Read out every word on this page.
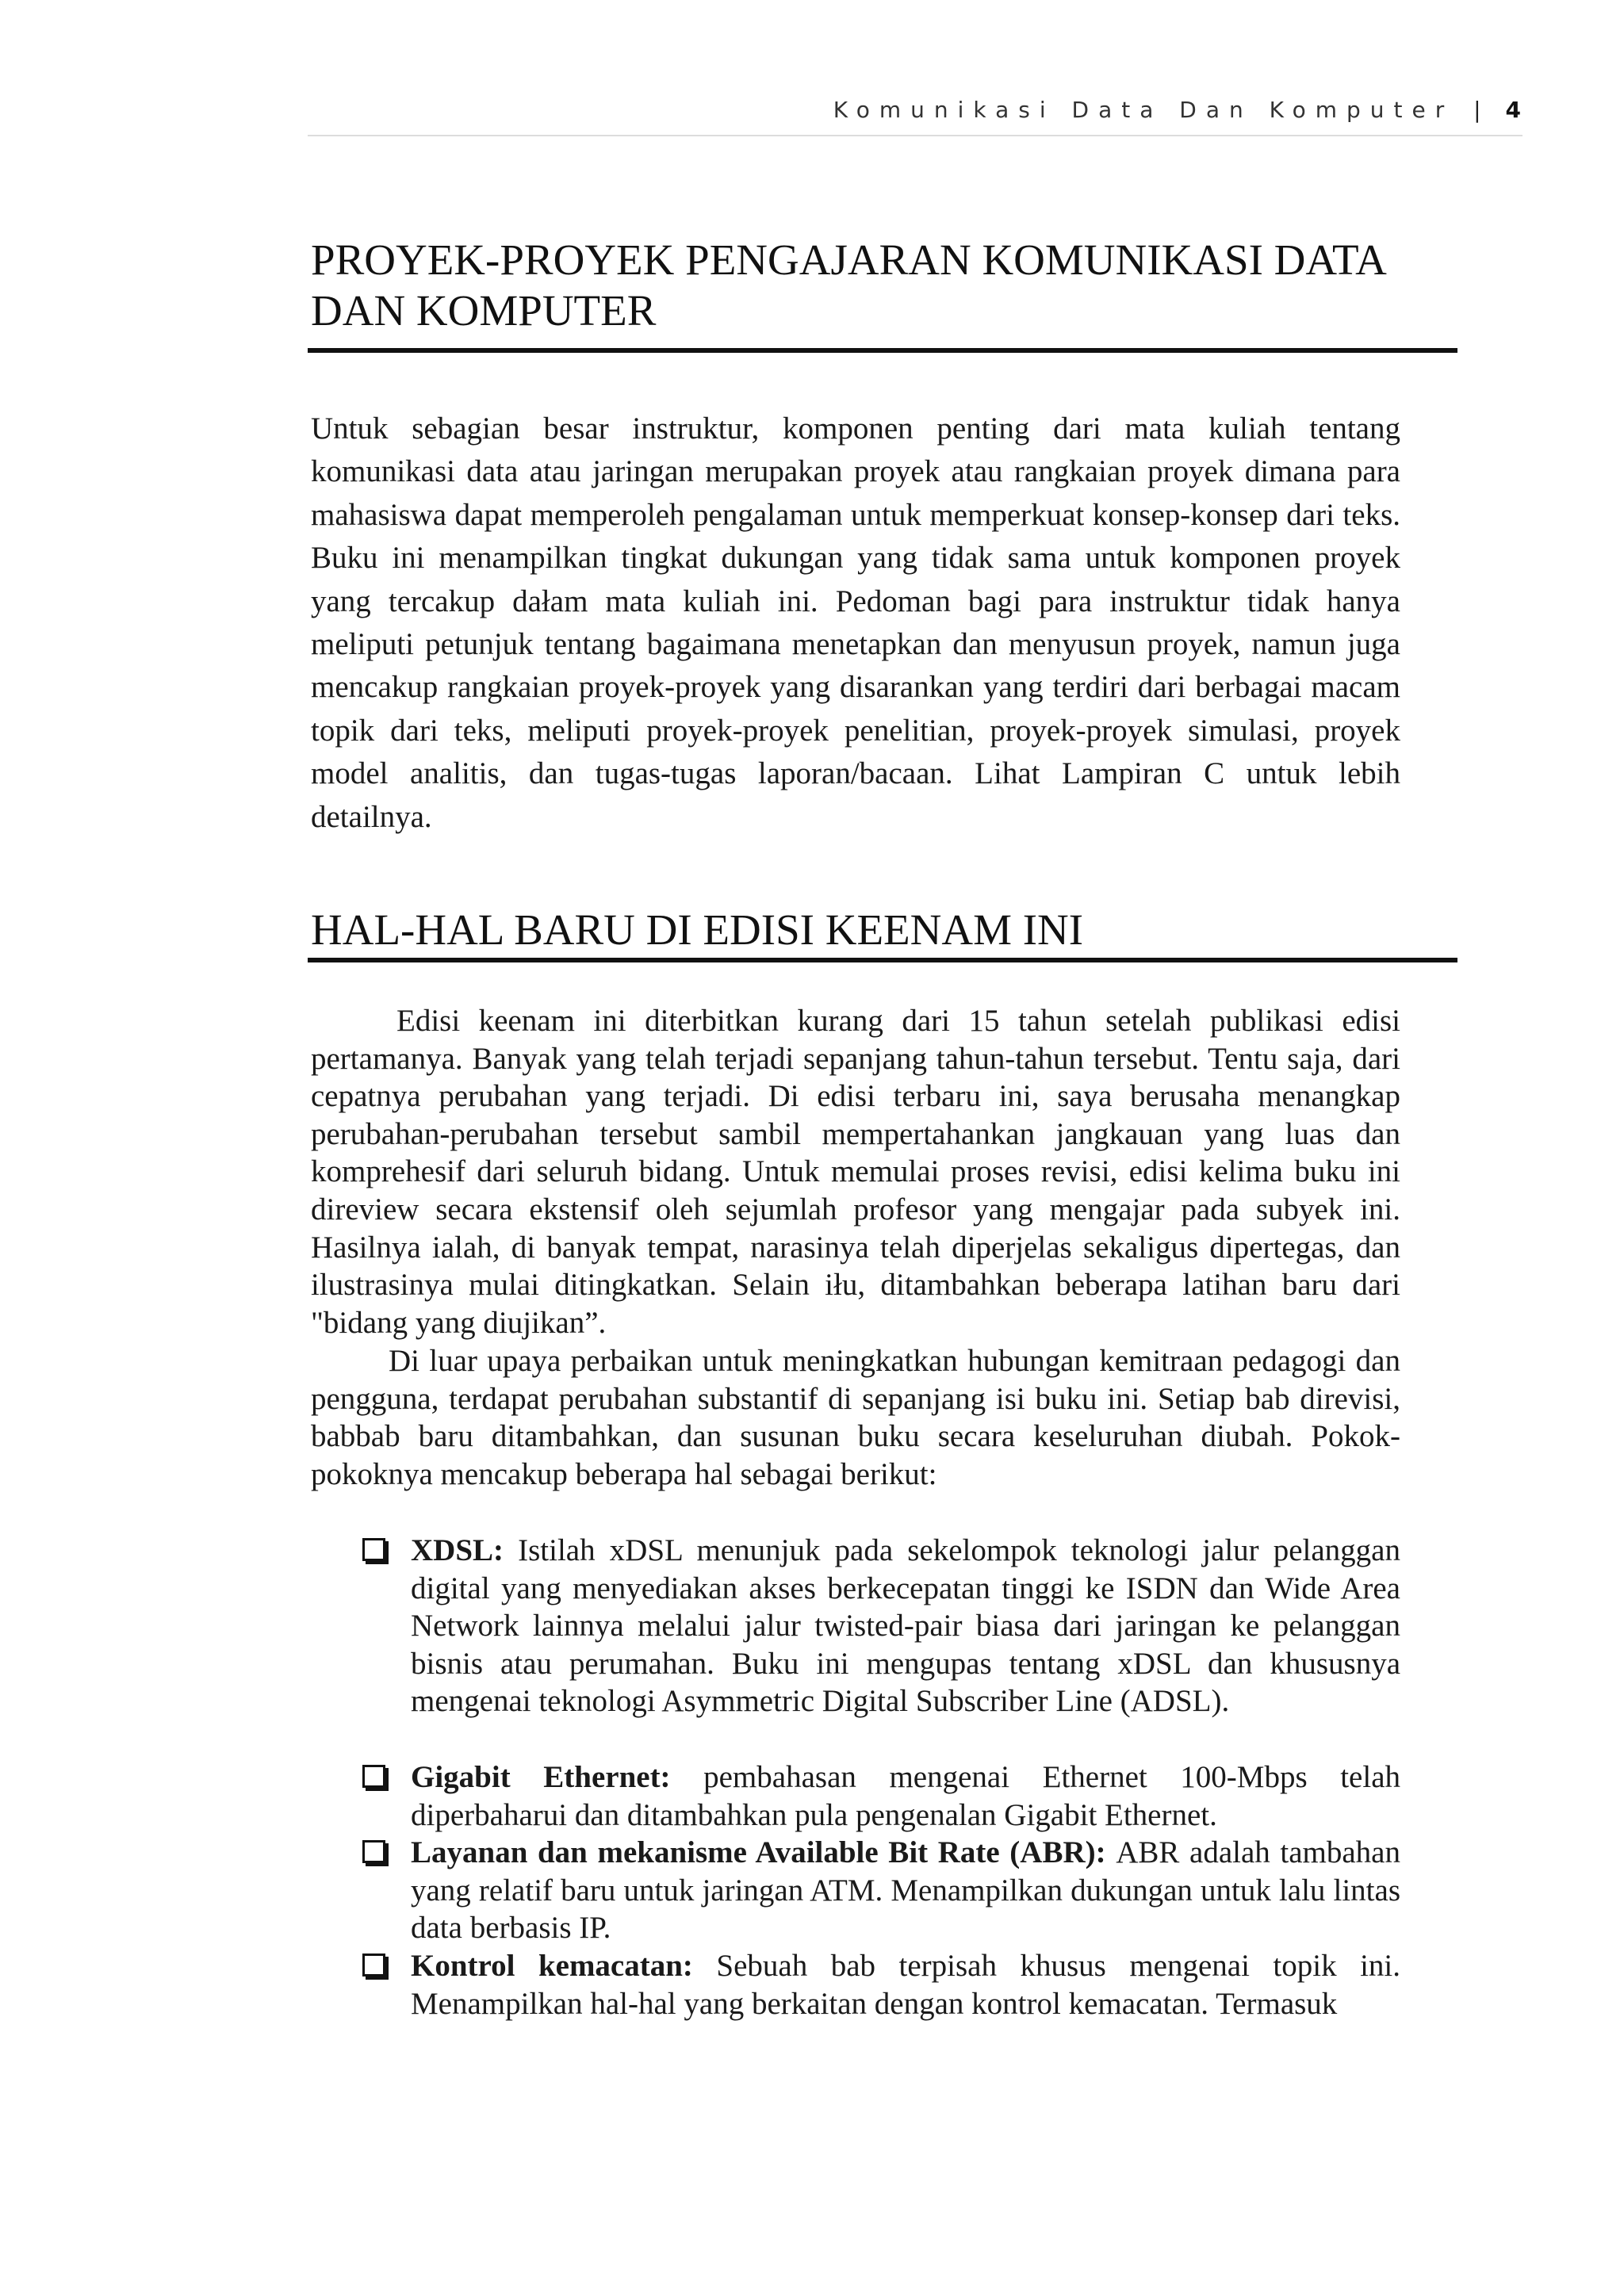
Komunikasi Data Dan Komputer | 4
PROYEK-PROYEK PENGAJARAN KOMUNIKASI DATA DAN KOMPUTER

Untuk sebagian besar instruktur, komponen penting dari mata kuliah tentang komunikasi data atau jaringan merupakan proyek atau rangkaian proyek dimana para mahasiswa dapat memperoleh pengalaman untuk memperkuat konsep-konsep dari teks. Buku ini menampilkan tingkat dukungan yang tidak sama untuk komponen proyek yang tercakup dałam mata kuliah ini. Pedoman bagi para instruktur tidak hanya meliputi petunjuk tentang bagaimana menetapkan dan menyusun proyek, namun juga mencakup rangkaian proyek-proyek yang disarankan yang terdiri dari berbagai macam topik dari teks, meliputi proyek-proyek penelitian, proyek-proyek simulasi, proyek model analitis, dan tugas-tugas laporan/bacaan. Lihat Lampiran C untuk lebih detailnya.

HAL-HAL BARU DI EDISI KEENAM INI

Edisi keenam ini diterbitkan kurang dari 15 tahun setelah publikasi edisi pertamanya. Banyak yang telah terjadi sepanjang tahun-tahun tersebut. Tentu saja, dari cepatnya perubahan yang terjadi. Di edisi terbaru ini, saya berusaha menangkap perubahan-perubahan tersebut sambil mempertahankan jangkauan yang luas dan komprehesif dari seluruh bidang. Untuk memulai proses revisi, edisi kelima buku ini direview secara ekstensif oleh sejumlah profesor yang mengajar pada subyek ini. Hasilnya ialah, di banyak tempat, narasinya telah diperjelas sekaligus dipertegas, dan ilustrasinya mulai ditingkatkan. Selain iłu, ditambahkan beberapa latihan baru dari "bidang yang diujikan”.

Di luar upaya perbaikan untuk meningkatkan hubungan kemitraan pedagogi dan pengguna, terdapat perubahan substantif di sepanjang isi buku ini. Setiap bab direvisi, babbab baru ditambahkan, dan susunan buku secara keseluruhan diubah. Pokok-pokoknya mencakup beberapa hal sebagai berikut:

XDSL: Istilah xDSL menunjuk pada sekelompok teknologi jalur pelanggan digital yang menyediakan akses berkecepatan tinggi ke ISDN dan Wide Area Network lainnya melalui jalur twisted-pair biasa dari jaringan ke pelanggan bisnis atau perumahan. Buku ini mengupas tentang xDSL dan khususnya mengenai teknologi Asymmetric Digital Subscriber Line (ADSL).
Gigabit Ethernet: pembahasan mengenai Ethernet 100-Mbps telah diperbaharui dan ditambahkan pula pengenalan Gigabit Ethernet.
Layanan dan mekanisme Available Bit Rate (ABR): ABR adalah tambahan yang relatif baru untuk jaringan ATM. Menampilkan dukungan untuk lalu lintas data berbasis IP.
Kontrol kemacatan: Sebuah bab terpisah khusus mengenai topik ini. Menampilkan hal-hal yang berkaitan dengan kontrol kemacatan. Termasuk
